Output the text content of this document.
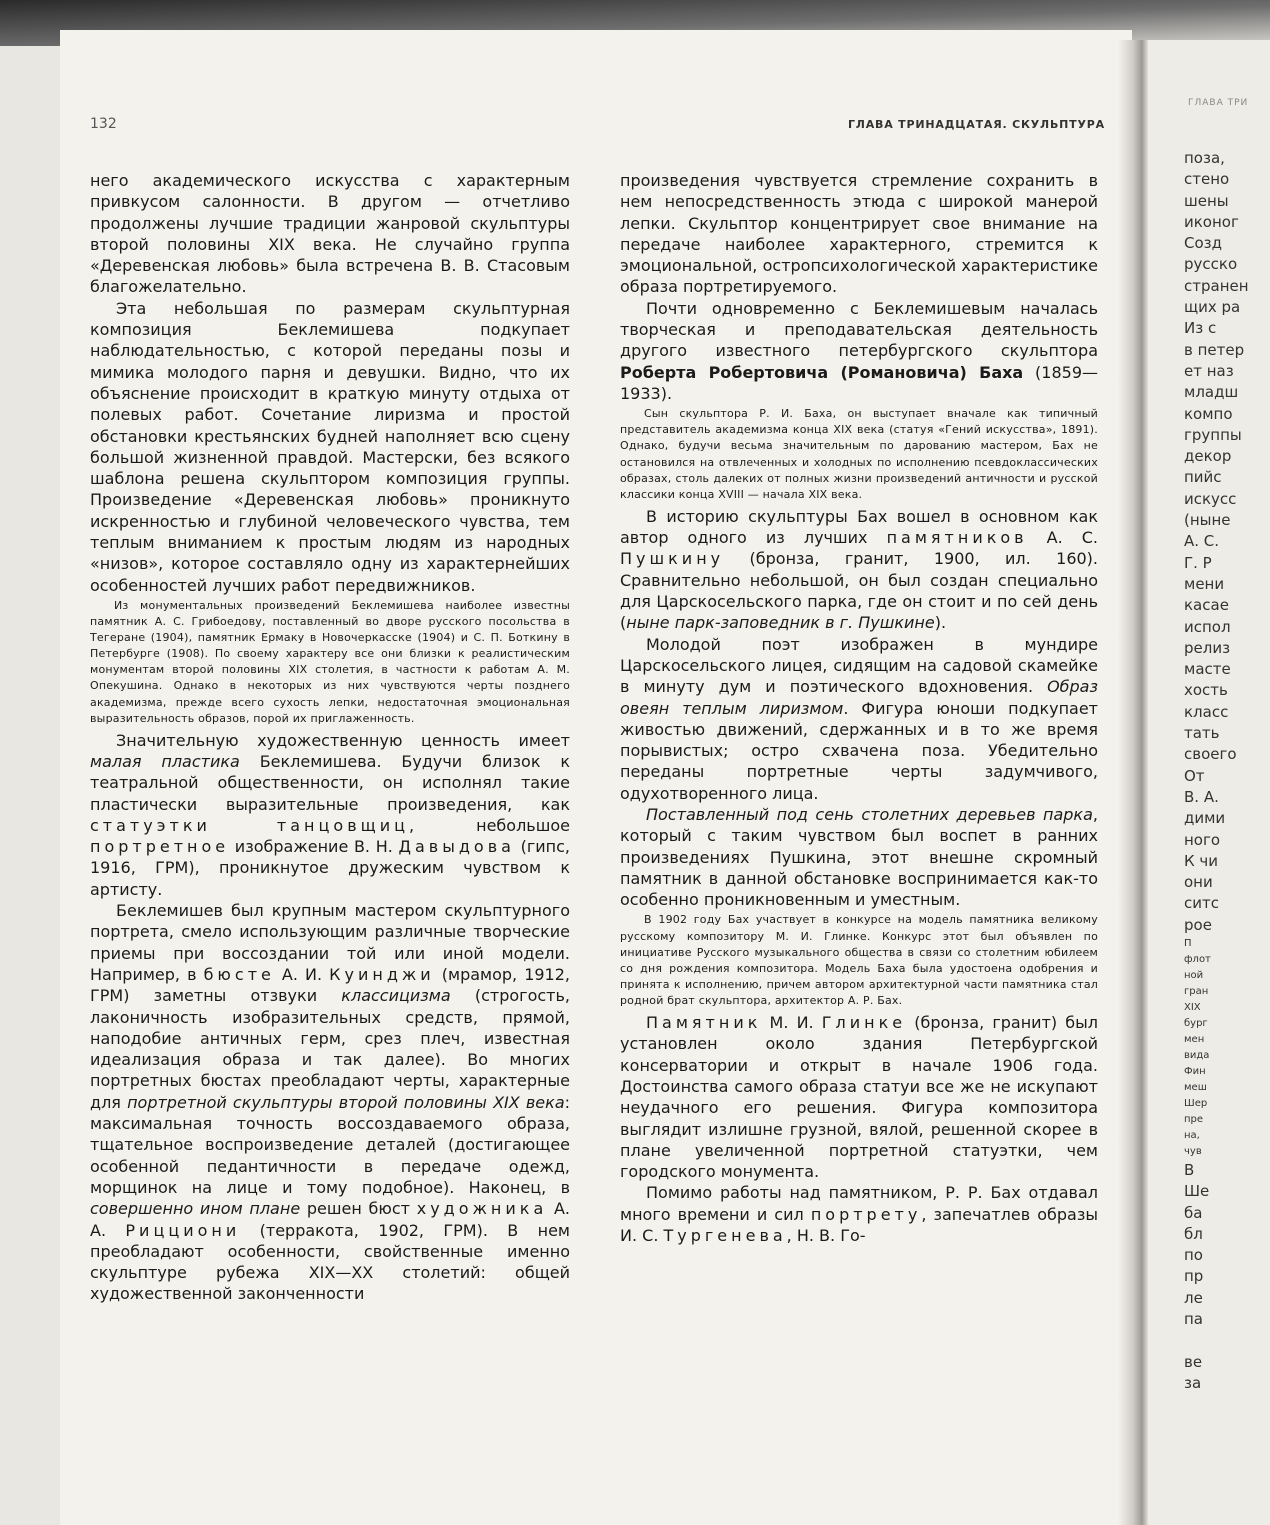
ГЛАВА ТРИ
поза,
стено
шены
иконог
Созд
русско
странен
щих ра
Из с
в петер
ет наз
младш
компо
группы
декор
пийс
искусс
(ныне
А. С.
Г. Р
мени
касае
испол
релиз
масте
хость
класс
тать
своего
От
В. А.
дими
ного
К чи
они
ситс
рое
П
флот
ной
гран
XIX
бург
мен
вида
Фин
меш
Шер
пре
на,
чув
В
Ше
ба
бл
по
пр
ле
па

ве
за
132	ГЛАВА ТРИНАДЦАТАЯ. СКУЛЬПТУРА

него академического искусства с характерным привкусом салонности. В другом — отчетливо продолжены лучшие традиции жанровой скульптуры второй половины XIX века. Не случайно группа «Деревенская любовь» была встречена В. В. Стасовым благожелательно.

Эта небольшая по размерам скульптурная композиция Беклемишева подкупает наблюдательностью, с которой переданы позы и мимика молодого парня и девушки. Видно, что их объяснение происходит в краткую минуту отдыха от полевых работ. Сочетание лиризма и простой обстановки крестьянских будней наполняет всю сцену большой жизненной правдой. Мастерски, без всякого шаблона решена скульптором композиция группы. Произведение «Деревенская любовь» проникнуто искренностью и глубиной человеческого чувства, тем теплым вниманием к простым людям из народных «низов», которое составляло одну из характернейших особенностей лучших работ передвижников.

Из монументальных произведений Беклемишева наиболее известны памятник А. С. Грибоедову, поставленный во дворе русского посольства в Тегеране (1904), памятник Ермаку в Новочеркасске (1904) и С. П. Боткину в Петербурге (1908). По своему характеру все они близки к реалистическим монументам второй половины XIX столетия, в частности к работам А. М. Опекушина. Однако в некоторых из них чувствуются черты позднего академизма, прежде всего сухость лепки, недостаточная эмоциональная выразительность образов, порой их приглаженность.

Значительную художественную ценность имеет малая пластика Беклемишева. Будучи близок к театральной общественности, он исполнял такие пластически выразительные произведения, как статуэтки танцовщиц, небольшое портретное изображение В. Н. Давыдова (гипс, 1916, ГРМ), проникнутое дружеским чувством к артисту.

Беклемишев был крупным мастером скульптурного портрета, смело использующим различные творческие приемы при воссоздании той или иной модели. Например, в бюсте А. И. Куинджи (мрамор, 1912, ГРМ) заметны отзвуки классицизма (строгость, лаконичность изобразительных средств, прямой, наподобие античных герм, срез плеч, известная идеализация образа и так далее). Во многих портретных бюстах преобладают черты, характерные для портретной скульптуры второй половины XIX века: максимальная точность воссоздаваемого образа, тщательное воспроизведение деталей (достигающее особенной педантичности в передаче одежд, морщинок на лице и тому подобное). Наконец, в совершенно ином плане решен бюст художника А. А. Рицциони (терракота, 1902, ГРМ). В нем преобладают особенности, свойственные именно скульптуре рубежа XIX—XX столетий: общей художественной законченности

произведения чувствуется стремление сохранить в нем непосредственность этюда с широкой манерой лепки. Скульптор концентрирует свое внимание на передаче наиболее характерного, стремится к эмоциональной, остропсихологической характеристике образа портретируемого.

Почти одновременно с Беклемишевым началась творческая и преподавательская деятельность другого известного петербургского скульптора Роберта Робертовича (Романовича) Баха (1859—1933).

Сын скульптора Р. И. Баха, он выступает вначале как типичный представитель академизма конца XIX века (статуя «Гений искусства», 1891). Однако, будучи весьма значительным по дарованию мастером, Бах не остановился на отвлеченных и холодных по исполнению псевдоклассических образах, столь далеких от полных жизни произведений античности и русской классики конца XVIII — начала XIX века.

В историю скульптуры Бах вошел в основном как автор одного из лучших памятников А. С. Пушкину (бронза, гранит, 1900, ил. 160). Сравнительно небольшой, он был создан специально для Царскосельского парка, где он стоит и по сей день (ныне парк-заповедник в г. Пушкине).

Молодой поэт изображен в мундире Царскосельского лицея, сидящим на садовой скамейке в минуту дум и поэтического вдохновения. Образ овеян теплым лиризмом. Фигура юноши подкупает живостью движений, сдержанных и в то же время порывистых; остро схвачена поза. Убедительно переданы портретные черты задумчивого, одухотворенного лица.

Поставленный под сень столетних деревьев парка, который с таким чувством был воспет в ранних произведениях Пушкина, этот внешне скромный памятник в данной обстановке воспринимается как-то особенно проникновенным и уместным.

В 1902 году Бах участвует в конкурсе на модель памятника великому русскому композитору М. И. Глинке. Конкурс этот был объявлен по инициативе Русского музыкального общества в связи со столетним юбилеем со дня рождения композитора. Модель Баха была удостоена одобрения и принята к исполнению, причем автором архитектурной части памятника стал родной брат скульптора, архитектор А. Р. Бах.

Памятник М. И. Глинке (бронза, гранит) был установлен около здания Петербургской консерватории и открыт в начале 1906 года. Достоинства самого образа статуи все же не искупают неудачного его решения. Фигура композитора выглядит излишне грузной, вялой, решенной скорее в плане увеличенной портретной статуэтки, чем городского монумента.

Помимо работы над памятником, Р. Р. Бах отдавал много времени и сил портрету, запечатлев образы И. С. Тургенева, Н. В. Го-
